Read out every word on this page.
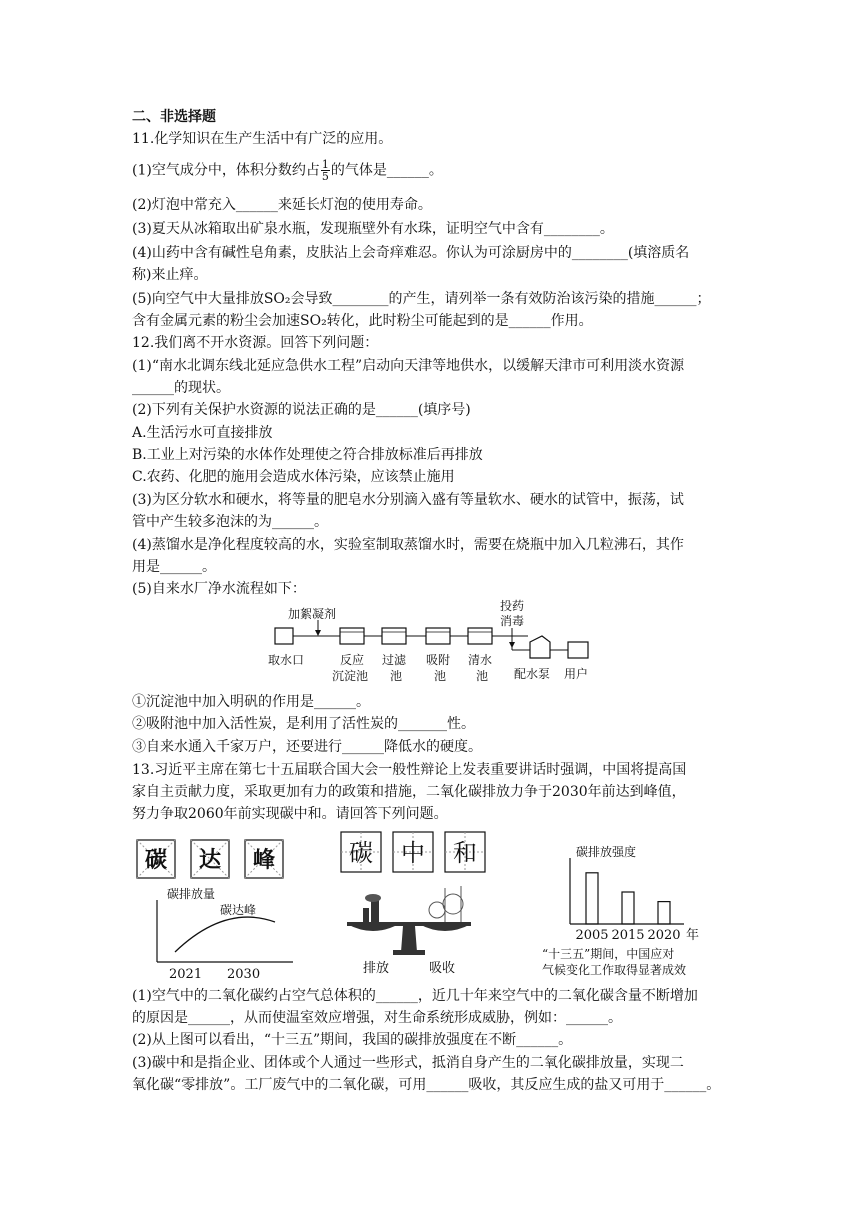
二、非选择题
11.化学知识在生产生活中有广泛的应用。
(1)空气成分中，体积分数约占 $\frac{1}{5}$ 的气体是______。
(2)灯泡中常充入______来延长灯泡的使用寿命。
(3)夏天从冰箱取出矿泉水瓶，发现瓶壁外有水珠，证明空气中含有________。
(4)山药中含有碱性皂角素，皮肤沾上会奇痒难忍。你认为可涂厨房中的________(填溶质名
称)来止痒。
(5)向空气中大量排放SO₂会导致________的产生，请列举一条有效防治该污染的措施______；
含有金属元素的粉尘会加速SO₂转化，此时粉尘可能起到的是______作用。
12.我们离不开水资源。回答下列问题：
(1)“南水北调东线北延应急供水工程”启动向天津等地供水，以缓解天津市可利用淡水资源
______的现状。
(2)下列有关保护水资源的说法正确的是______(填序号)
A.生活污水可直接排放
B.工业上对污染的水体作处理使之符合排放标准后再排放
C.农药、化肥的施用会造成水体污染，应该禁止施用
(3)为区分软水和硬水，将等量的肥皂水分别滴入盛有等量软水、硬水的试管中，振荡，试
管中产生较多泡沫的为______。
(4)蒸馏水是净化程度较高的水，实验室制取蒸馏水时，需要在烧瓶中加入几粒沸石，其作
用是______。
(5)自来水厂净水流程如下：
加絮凝剂
投药
消毒
取水口	反应
沉淀池
过滤
池
吸附
池
清水
池 配水泵 用户
①沉淀池中加入明矾的作用是______。
②吸附池中加入活性炭，是利用了活性炭的_______性。
③自来水通入千家万户，还要进行______降低水的硬度。
13.习近平主席在第七十五届联合国大会一般性辩论上发表重要讲话时强调，中国将提高国
家自主贡献力度，采取更加有力的政策和措施，二氧化碳排放力争于2030年前达到峰值，
努力争取2060年前实现碳中和。请回答下列问题。
碳 达 峰
碳排放量
碳达峰
2021 2030
碳 中 和
排放	吸收
碳排放强度
2005 2015 2020 年
“十三五”期间，中国应对
气候变化工作取得显著成效
(1)空气中的二氧化碳约占空气总体积的______，近几十年来空气中的二氧化碳含量不断增加
的原因是______，从而使温室效应增强，对生命系统形成威胁，例如：______。
(2)从上图可以看出，“十三五”期间，我国的碳排放强度在不断______。
(3)碳中和是指企业、团体或个人通过一些形式，抵消自身产生的二氧化碳排放量，实现二
氧化碳“零排放”。工厂废气中的二氧化碳，可用______吸收，其反应生成的盐又可用于______。
